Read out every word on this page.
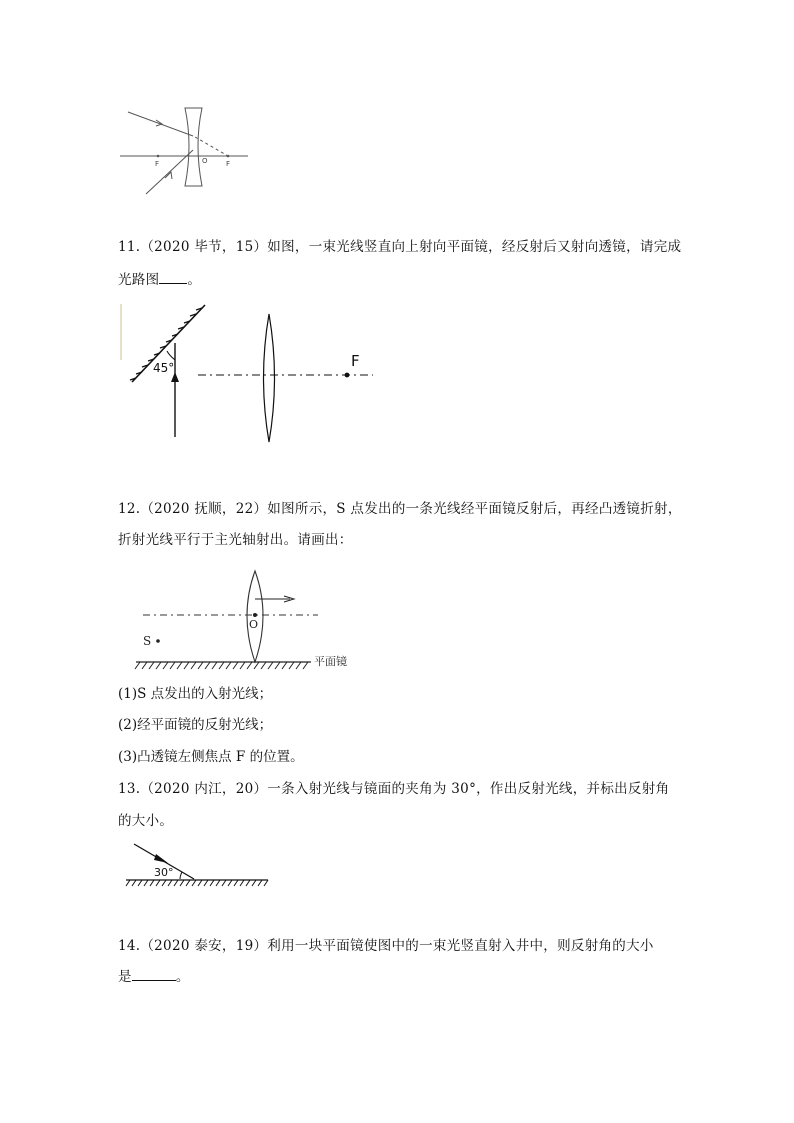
F	O	F
11.（2020 毕节，15）如图，一束光线竖直向上射向平面镜，经反射后又射向透镜，请完成
光路图 。
45°	F
12.（2020 抚顺，22）如图所示，S 点发出的一条光线经平面镜反射后，再经凸透镜折射，
折射光线平行于主光轴射出。请画出：
O
S
平面镜
(1)S 点发出的入射光线；
(2)经平面镜的反射光线；
(3)凸透镜左侧焦点 F 的位置。
13.（2020 内江，20）一条入射光线与镜面的夹角为 30°，作出反射光线，并标出反射角
的大小。
30°
14.（2020 泰安，19）利用一块平面镜使图中的一束光竖直射入井中，则反射角的大小
是	。
